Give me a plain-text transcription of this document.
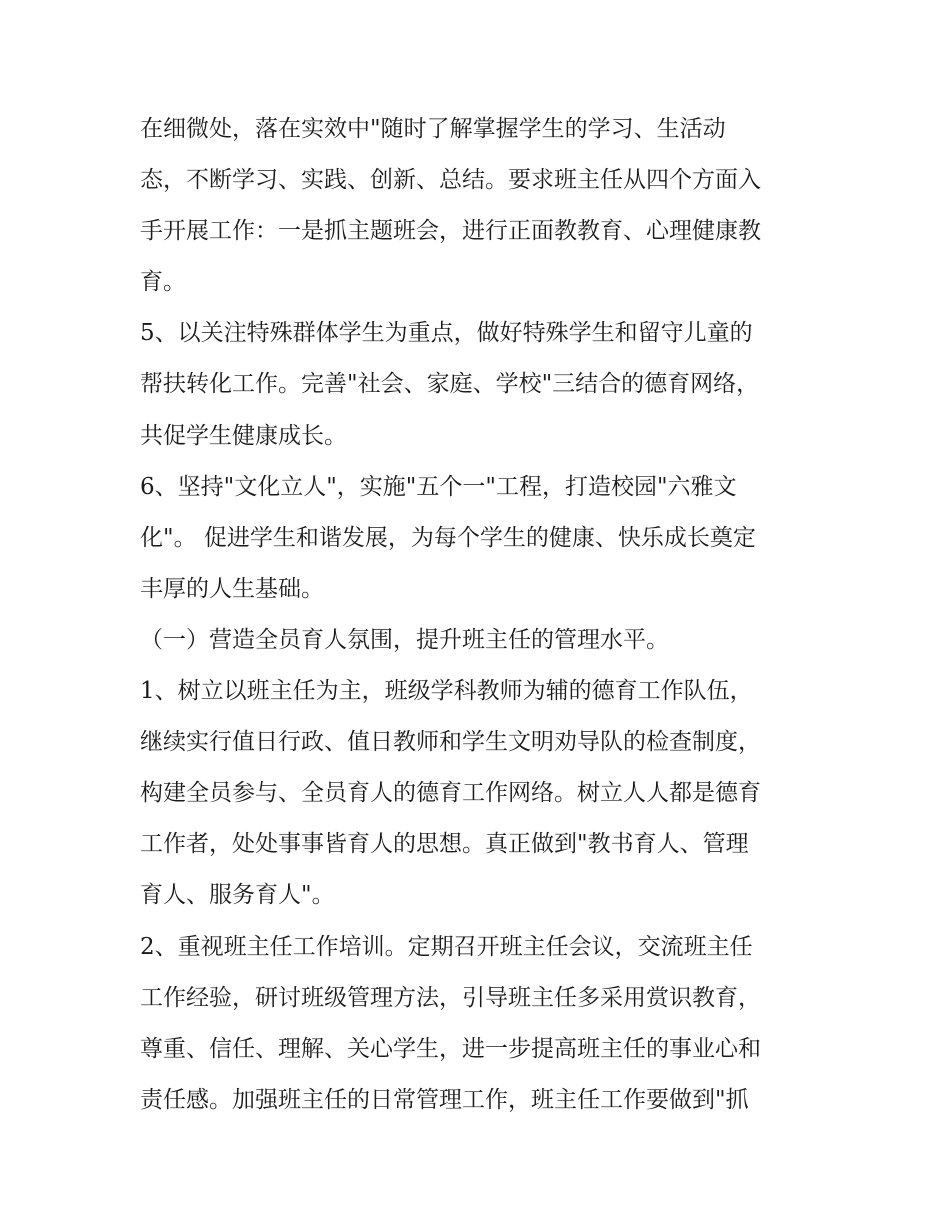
在细微处，落在实效中"随时了解掌握学生的学习、生活动
态，不断学习、实践、创新、总结。要求班主任从四个方面入
手开展工作：一是抓主题班会，进行正面教教育、心理健康教
育。
5、以关注特殊群体学生为重点，做好特殊学生和留守儿童的
帮扶转化工作。完善"社会、家庭、学校"三结合的德育网络，
共促学生健康成长。
6、坚持"文化立人"，实施"五个一"工程，打造校园"六雅文
化"。 促进学生和谐发展，为每个学生的健康、快乐成长奠定
丰厚的人生基础。
（一）营造全员育人氛围，提升班主任的管理水平。
1、树立以班主任为主，班级学科教师为辅的德育工作队伍，
继续实行值日行政、值日教师和学生文明劝导队的检查制度，
构建全员参与、全员育人的德育工作网络。树立人人都是德育
工作者，处处事事皆育人的思想。真正做到"教书育人、管理
育人、服务育人"。
2、重视班主任工作培训。定期召开班主任会议，交流班主任
工作经验，研讨班级管理方法，引导班主任多采用赏识教育，
尊重、信任、理解、关心学生，进一步提高班主任的事业心和
责任感。加强班主任的日常管理工作，班主任工作要做到"抓
